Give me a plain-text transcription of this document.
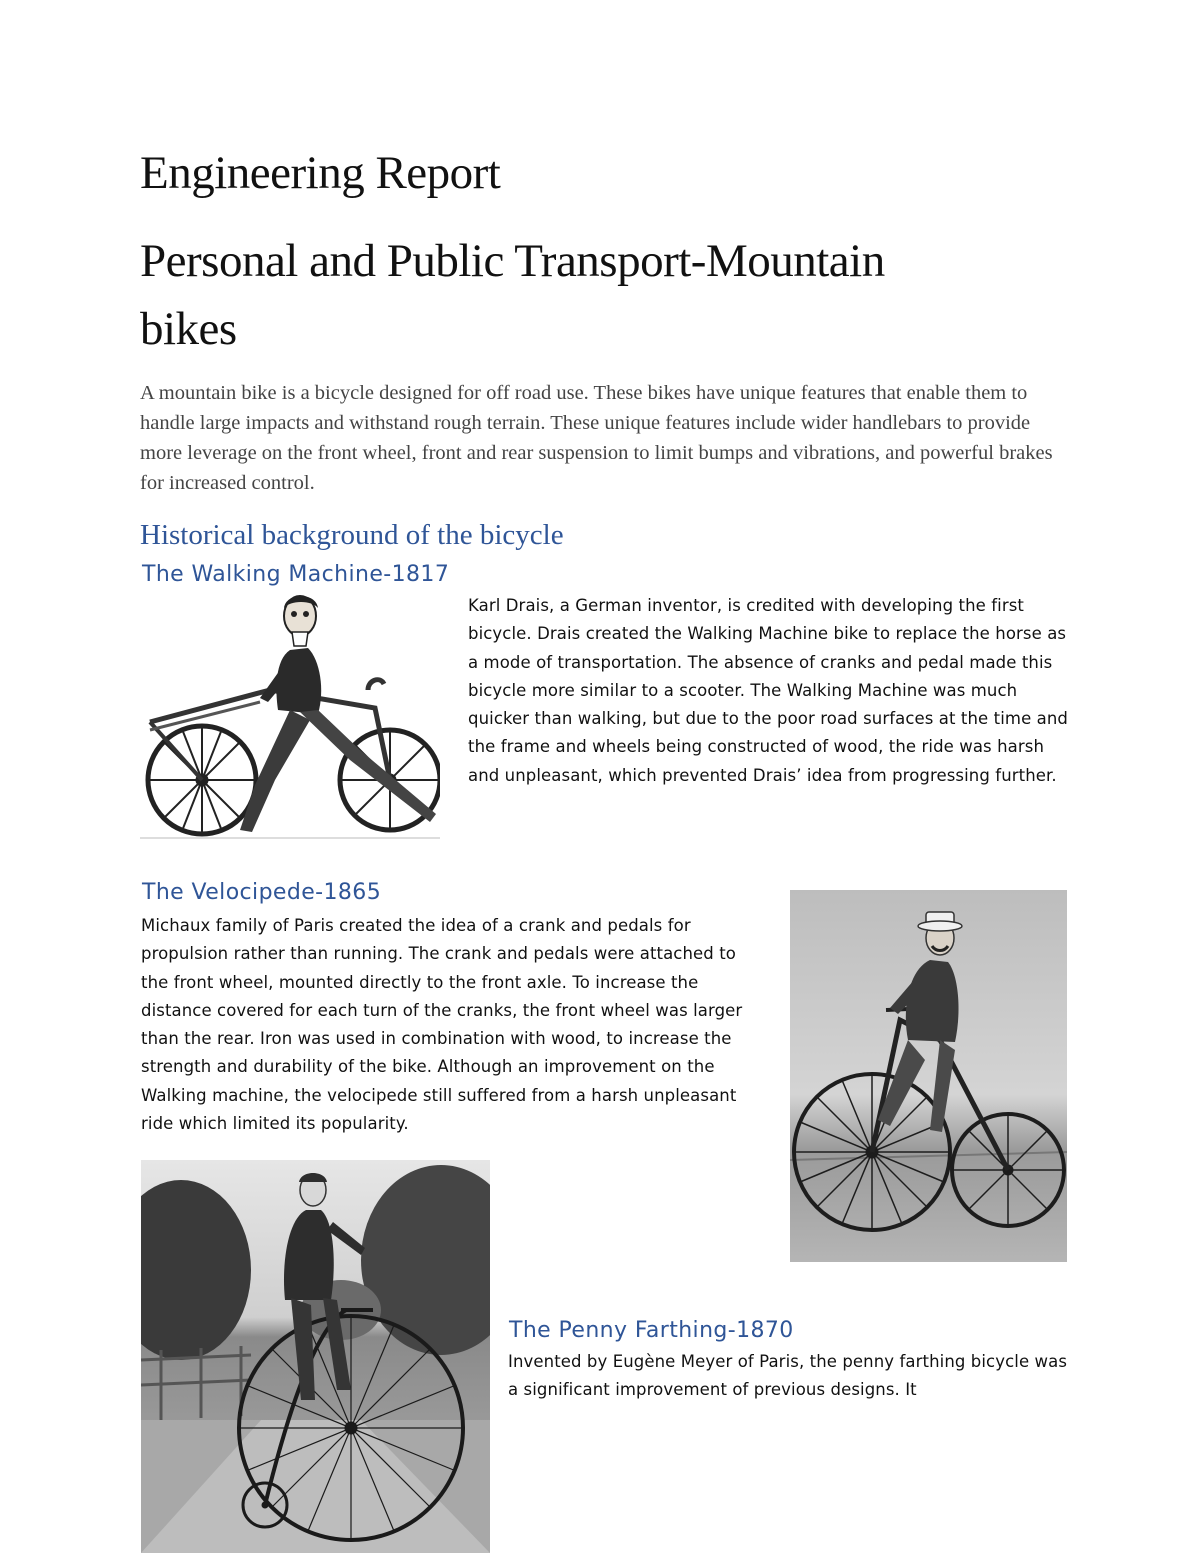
Engineering Report
Personal and Public Transport-Mountain
bikes
A mountain bike is a bicycle designed for off road use. These bikes have unique features that enable them to handle large impacts and withstand rough terrain. These unique features include wider handlebars to provide more leverage on the front wheel, front and rear suspension to limit bumps and vibrations, and powerful brakes for increased control.
Historical background of the bicycle
The Walking Machine-1817
Karl Drais, a German inventor, is credited with developing the first bicycle. Drais created the Walking Machine bike to replace the horse as a mode of transportation. The absence of cranks and pedal made this bicycle more similar to a scooter. The Walking Machine was much quicker than walking, but due to the poor road surfaces at the time and the frame and wheels being constructed of wood, the ride was harsh and unpleasant, which prevented Drais’ idea from progressing further.
The Velocipede-1865
Michaux family of Paris created the idea of a crank and pedals for propulsion rather than running. The crank and pedals were attached to the front wheel, mounted directly to the front axle. To increase the distance covered for each turn of the cranks, the front wheel was larger than the rear. Iron was used in combination with wood, to increase the strength and durability of the bike. Although an improvement on the Walking machine, the velocipede still suffered from a harsh unpleasant ride which limited its popularity.
The Penny Farthing-1870
Invented by Eugène Meyer of Paris, the penny farthing bicycle was a significant improvement of previous designs. It
